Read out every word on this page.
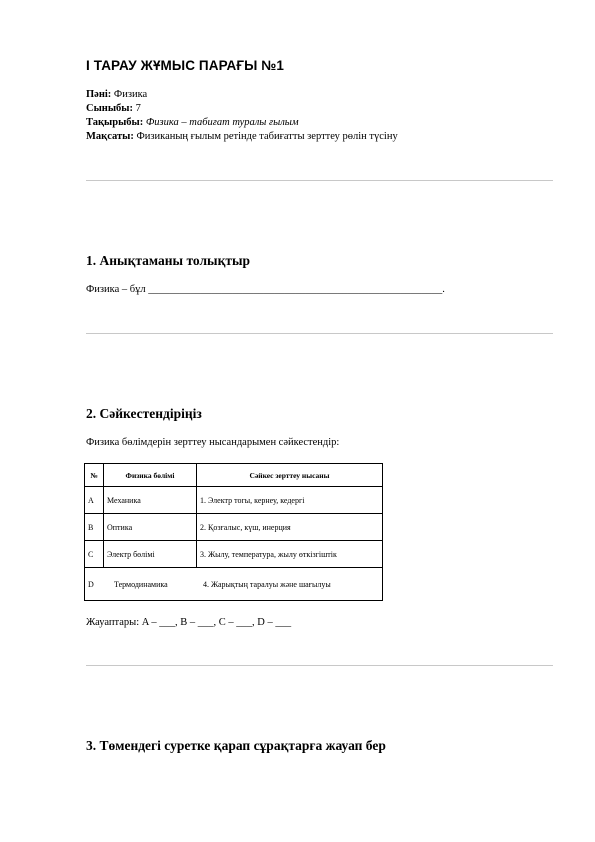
І ТАРАУ ЖҰМЫС ПАРАҒЫ №1
Пәні: Физика
Сыныбы: 7
Тақырыбы: Физика – табиғат туралы ғылым
Мақсаты: Физиканың ғылым ретінде табиғатты зерттеу рөлін түсіну
1. Анықтаманы толықтыр
Физика – бұл ________________________________________________________.
2. Сәйкестендіріңіз
Физика бөлімдерін зерттеу нысандарымен сәйкестендір:
№	Физика бөлімі	Сәйкес зерттеу нысаны
A	Механика	1. Электр тогы, кернеу, кедергі
B	Оптика	2. Қозғалыс, күш, инерция
C	Электр бөлімі	3. Жылу, температура, жылу өткізгіштік
D Термодинамика 4. Жарықтың таралуы және шағылуы		
Жауаптары: A – ___, B – ___, C – ___, D – ___
3. Төмендегі суретке қарап сұрақтарға жауап бер
